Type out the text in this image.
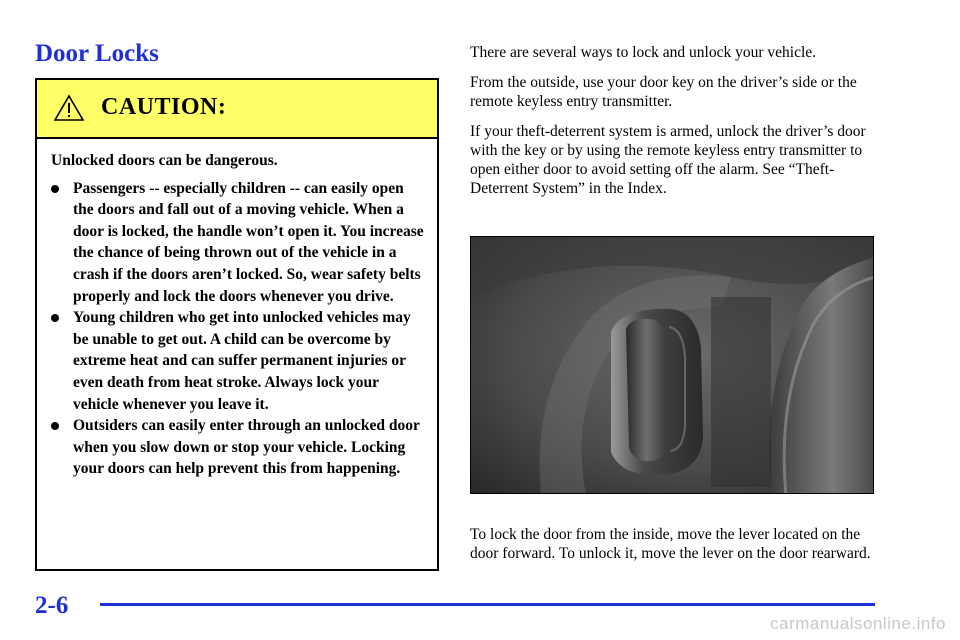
Door Locks
CAUTION:

Unlocked doors can be dangerous.

Passengers -- especially children -- can easily open the doors and fall out of a moving vehicle. When a door is locked, the handle won’t open it. You increase the chance of being thrown out of the vehicle in a crash if the doors aren’t locked. So, wear safety belts properly and lock the doors whenever you drive.
Young children who get into unlocked vehicles may be unable to get out. A child can be overcome by extreme heat and can suffer permanent injuries or even death from heat stroke. Always lock your vehicle whenever you leave it.
Outsiders can easily enter through an unlocked door when you slow down or stop your vehicle. Locking your doors can help prevent this from happening.

There are several ways to lock and unlock your vehicle.

From the outside, use your door key on the driver’s side or the remote keyless entry transmitter.

If your theft-deterrent system is armed, unlock the driver’s door with the key or by using the remote keyless entry transmitter to open either door to avoid setting off the alarm. See “Theft-Deterrent System” in the Index.

To lock the door from the inside, move the lever located on the door forward. To unlock it, move the lever on the door rearward.

2-6
carmanualsonline.info
